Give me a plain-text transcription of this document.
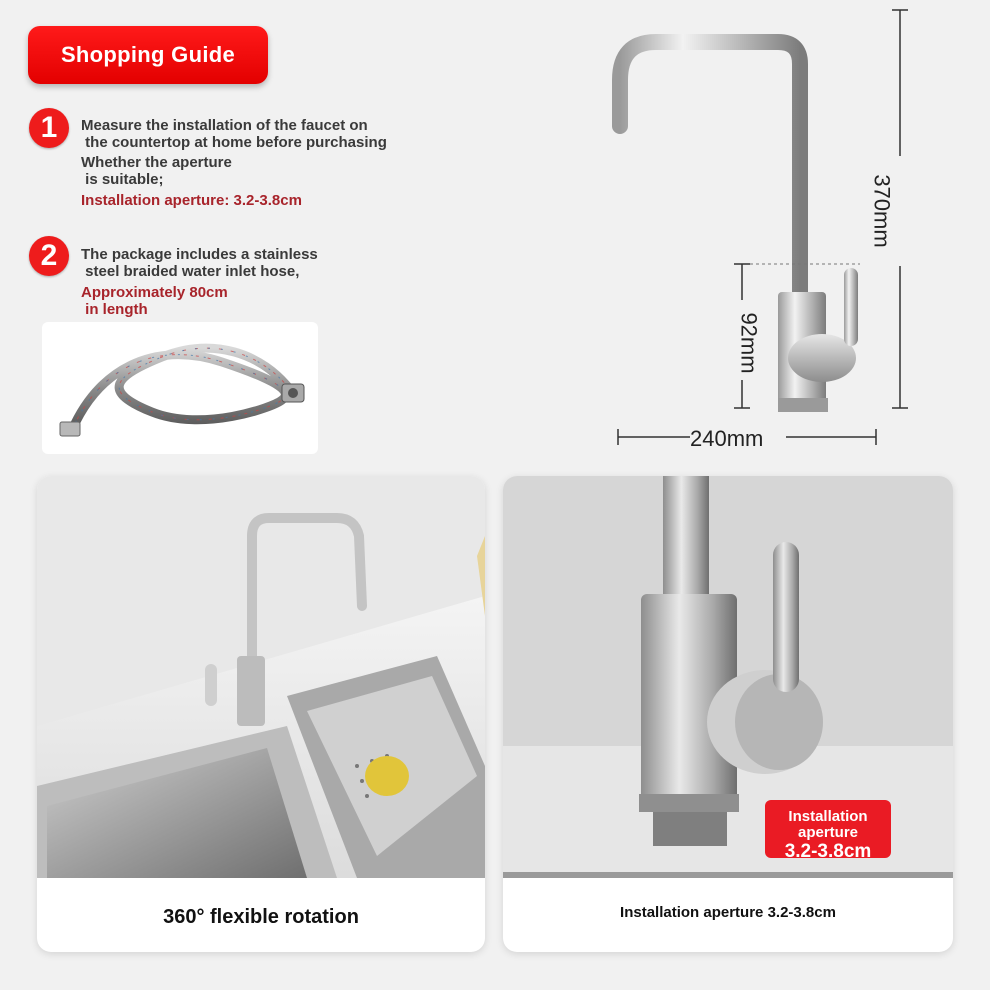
Shopping Guide
1	Measure the installation of the faucet on
the countertop at home before purchasing
Whether the aperture
is suitable;
Installation aperture: 3.2-3.8cm
2	The package includes a stainless
steel braided water inlet hose,
Approximately 80cm
in length
240mm
370mm
92mm
360° flexible rotation
Installation
aperture
3.2-3.8cm
Installation aperture 3.2-3.8cm
